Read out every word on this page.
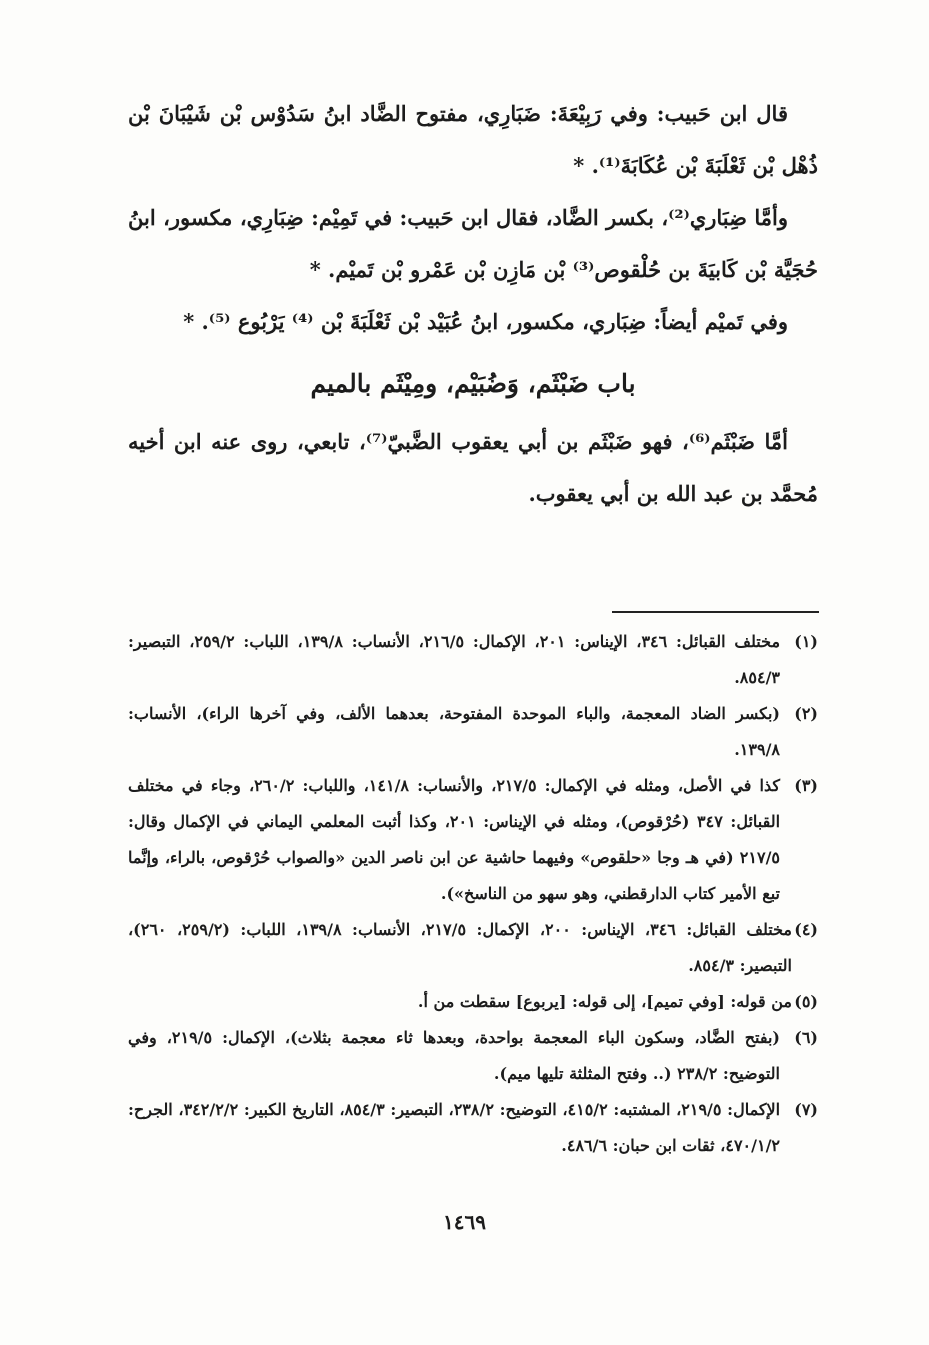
قال ابن حَبيب: وفي رَبِيْعَةَ: ضَبَارِي، مفتوح الضَّاد ابنُ سَدُوْس بْن شَيْبَانَ بْن ذُهْل بْن ثَعْلَبَةَ بْن عُكَابَةَ⁽¹⁾. *

وأمَّا ضِبَاري⁽²⁾، بكسر الضَّاد، فقال ابن حَبيب: في تَمِيْم: ضِبَارِي، مكسور، ابنُ حُجَيَّة بْن كَابيَةَ بن حُلْقوص⁽³⁾ بْن مَازِن بْن عَمْرو بْن تَميْم. *

وفي تَميْم أيضاً: ضِبَاري، مكسور، ابنُ عُبَيْد بْن ثَعْلَبَةَ بْن ⁽⁴⁾ يَرْبُوع ⁽⁵⁾. *

باب ضَبْثَم، وَضُبَيْم، ومِيْثَم بالميم

أمَّا ضَبْثَم⁽⁶⁾، فهو ضَبْثَم بن أبي يعقوب الضَّبيّ⁽⁷⁾، تابعي، روى عنه ابن أخيه مُحمَّد بن عبد الله بن أبي يعقوب.

(١)
مختلف القبائل: ٣٤٦، الإيناس: ٢٠١، الإكمال: ٢١٦/٥، الأنساب: ١٣٩/٨، اللباب: ٢٥٩/٢، التبصير: ٨٥٤/٣.
(٢)
(بكسر الضاد المعجمة، والباء الموحدة المفتوحة، بعدهما الألف، وفي آخرها الراء)، الأنساب: ١٣٩/٨.
(٣)
كذا في الأصل، ومثله في الإكمال: ٢١٧/٥، والأنساب: ١٤١/٨، واللباب: ٢٦٠/٢، وجاء في مختلف القبائل: ٣٤٧ (حُرْقوص)، ومثله في الإيناس: ٢٠١، وكذا أثبت المعلمي اليماني في الإكمال وقال: ٢١٧/٥ (في هـ وجا «حلقوص» وفيهما حاشية عن ابن ناصر الدين «والصواب حُرْقوص، بالراء، وإنَّما تبع الأمير كتاب الدارقطني، وهو سهو من الناسخ»).
(٤)
مختلف القبائل: ٣٤٦، الإيناس: ٢٠٠، الإكمال: ٢١٧/٥، الأنساب: ١٣٩/٨، اللباب: (٢٥٩/٢، ٢٦٠)، التبصير: ٨٥٤/٣.
(٥)
من قوله: [وفي تميم]، إلى قوله: [يربوع] سقطت من أ.
(٦)
(بفتح الضَّاد، وسكون الباء المعجمة بواحدة، وبعدها ثاء معجمة بثلاث)، الإكمال: ٢١٩/٥، وفي التوضيح: ٢٣٨/٢ (.. وفتح المثلثة تليها ميم).
(٧)
الإكمال: ٢١٩/٥، المشتبه: ٤١٥/٢، التوضيح: ٢٣٨/٢، التبصير: ٨٥٤/٣، التاريخ الكبير: ٣٤٢/٢/٢، الجرح: ٤٧٠/١/٢، ثقات ابن حبان: ٤٨٦/٦.
١٤٦٩
